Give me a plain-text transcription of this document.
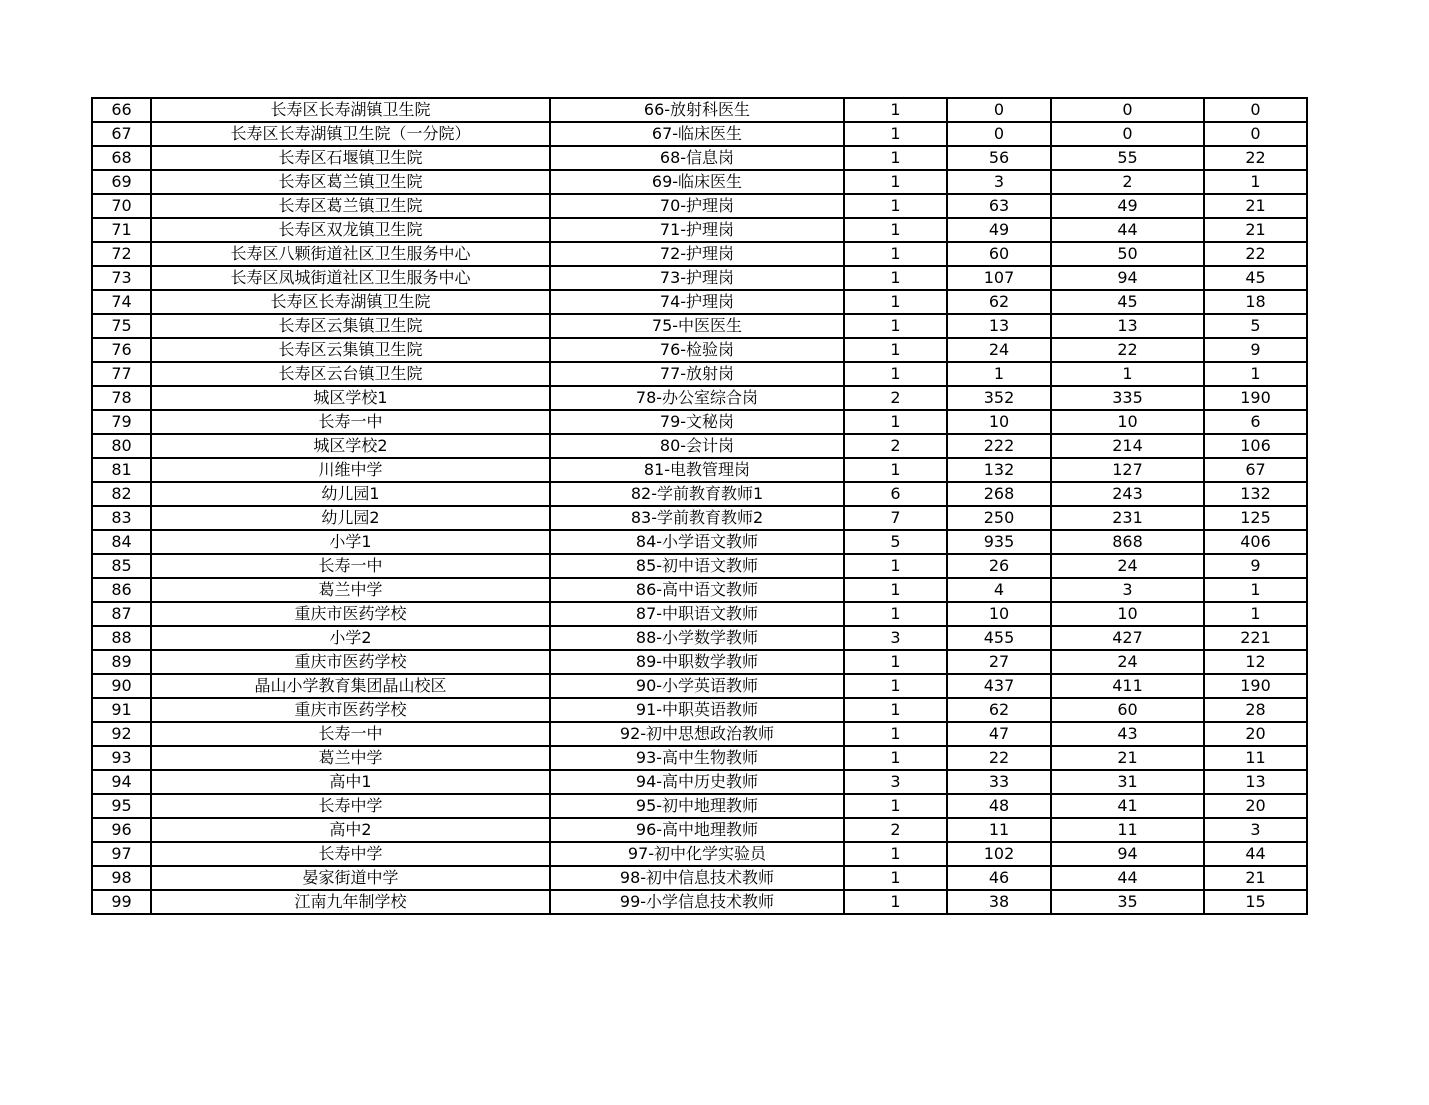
66	长寿区长寿湖镇卫生院	66-放射科医生	1	0	0	0
67	长寿区长寿湖镇卫生院（一分院）	67-临床医生	1	0	0	0
68	长寿区石堰镇卫生院	68-信息岗	1	56	55	22
69	长寿区葛兰镇卫生院	69-临床医生	1	3	2	1
70	长寿区葛兰镇卫生院	70-护理岗	1	63	49	21
71	长寿区双龙镇卫生院	71-护理岗	1	49	44	21
72	长寿区八颗街道社区卫生服务中心	72-护理岗	1	60	50	22
73	长寿区凤城街道社区卫生服务中心	73-护理岗	1	107	94	45
74	长寿区长寿湖镇卫生院	74-护理岗	1	62	45	18
75	长寿区云集镇卫生院	75-中医医生	1	13	13	5
76	长寿区云集镇卫生院	76-检验岗	1	24	22	9
77	长寿区云台镇卫生院	77-放射岗	1	1	1	1
78	城区学校1	78-办公室综合岗	2	352	335	190
79	长寿一中	79-文秘岗	1	10	10	6
80	城区学校2	80-会计岗	2	222	214	106
81	川维中学	81-电教管理岗	1	132	127	67
82	幼儿园1	82-学前教育教师1	6	268	243	132
83	幼儿园2	83-学前教育教师2	7	250	231	125
84	小学1	84-小学语文教师	5	935	868	406
85	长寿一中	85-初中语文教师	1	26	24	9
86	葛兰中学	86-高中语文教师	1	4	3	1
87	重庆市医药学校	87-中职语文教师	1	10	10	1
88	小学2	88-小学数学教师	3	455	427	221
89	重庆市医药学校	89-中职数学教师	1	27	24	12
90	晶山小学教育集团晶山校区	90-小学英语教师	1	437	411	190
91	重庆市医药学校	91-中职英语教师	1	62	60	28
92	长寿一中	92-初中思想政治教师	1	47	43	20
93	葛兰中学	93-高中生物教师	1	22	21	11
94	高中1	94-高中历史教师	3	33	31	13
95	长寿中学	95-初中地理教师	1	48	41	20
96	高中2	96-高中地理教师	2	11	11	3
97	长寿中学	97-初中化学实验员	1	102	94	44
98	晏家街道中学	98-初中信息技术教师	1	46	44	21
99	江南九年制学校	99-小学信息技术教师	1	38	35	15
